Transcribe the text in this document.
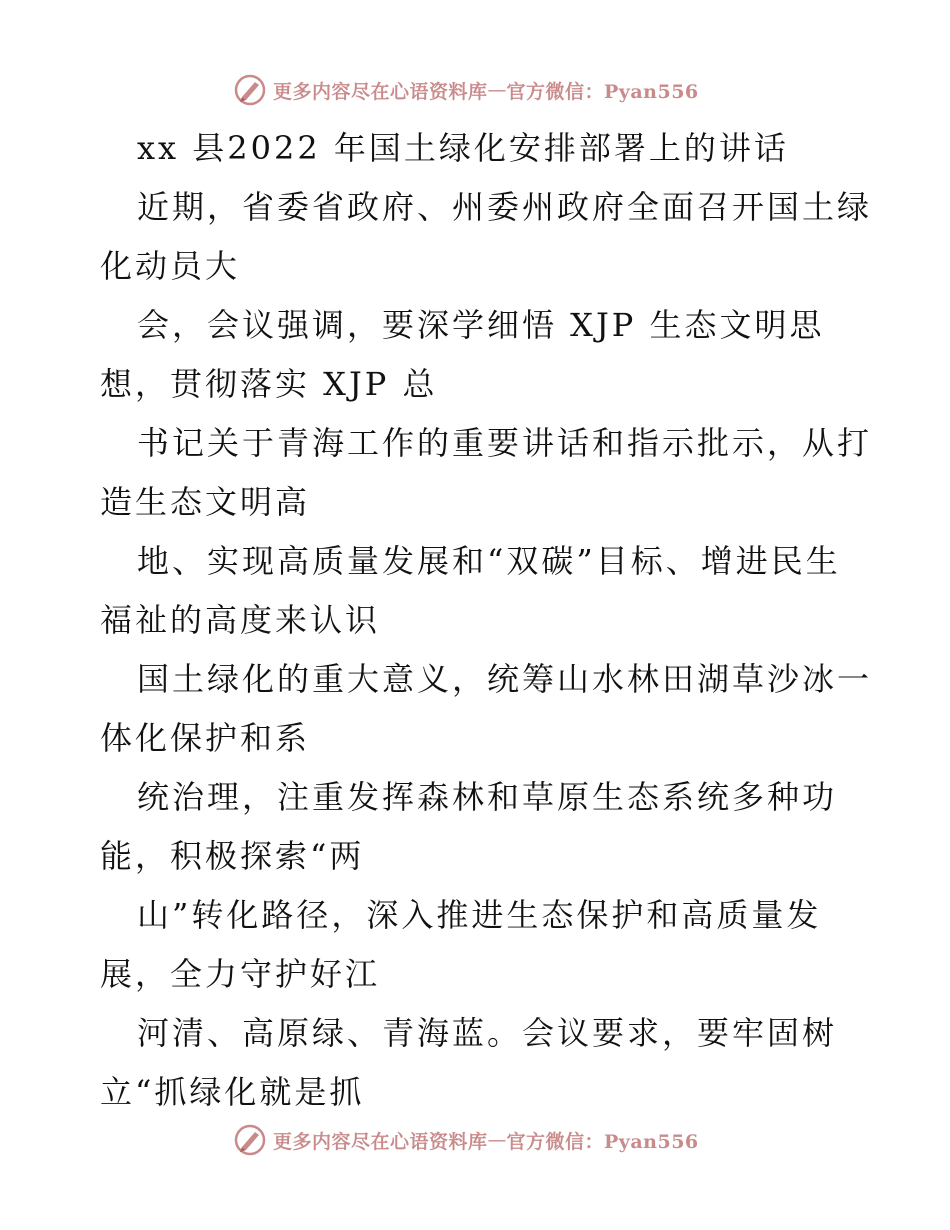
更多内容尽在心语资料库 — 官方微信：Pyan556
xx 县2022 年国土绿化安排部署上的讲话
近期，省委省政府、州委州政府全面召开国土绿
化动员大
会，会议强调，要深学细悟 XJP 生态文明思
想，贯彻落实 XJP 总
书记关于青海工作的重要讲话和指示批示，从打
造生态文明高
地、实现高质量发展和“双碳”目标、增进民生
福祉的高度来认识
国土绿化的重大意义，统筹山水林田湖草沙冰一
体化保护和系
统治理，注重发挥森林和草原生态系统多种功
能，积极探索“两
山”转化路径，深入推进生态保护和高质量发
展，全力守护好江
河清、高原绿、青海蓝。会议要求，要牢固树
立“抓绿化就是抓
更多内容尽在心语资料库 — 官方微信：Pyan556
